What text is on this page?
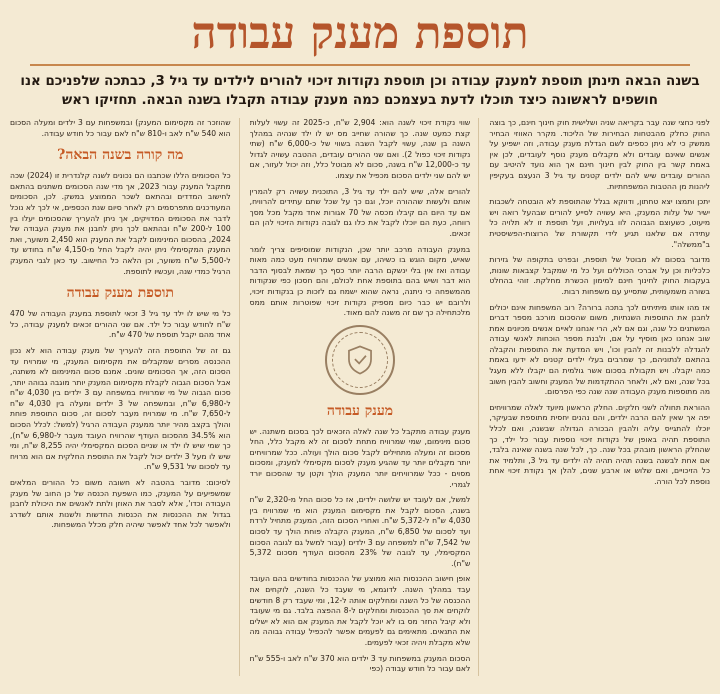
תוספת מענק עבודה

בשנה הבאה תינתן תוספת למענק עבודה וכן תוספת נקודות זיכוי להורים לילדים עד גיל 3, כבתכה שלפניכם אנו חושפים לראשונה כיצד תוכלו לדעת בעצמכם כמה מענק עבודה תקבלו בשנה הבאה. תחזיקו ראש

לפני כחצי שנה עבר בקריאה שניה ושלישית חוק חינוך חינם, כך בוצה החוק כחלק מהבטחות הבחירות של הליכוד. מקרר האווזי הבחיר ממשק כי לא ניתן כספים לשם הגדלת מענק עבודה, וזה ישפיע על אנשים שאינם עובדים ולא מקבלים מענק נוסף לעובדים, לכן אין באמת קשר בין החוק לבין חינוך חינם אך הוא נועד להיטיב עם ההורים עובדים שיש להם ילדים קטנים עד גיל 3 הנעצם בעקיפין ליהנות מן ההטבות המשפחתיות.

יתכן ותמצו יצא טחתון, ודווקא בגלל שהתוספת לא הובטחה לשכבות ישיר של עלות המענק, היא עשויה לסייע להורים שבהעל רואה ויש מיעוט, כשעוצם הגבוהה לוו בעלויות, ועל תוספת זו לא תלויה כל עתידה אם שלאנו תגיע לידי תקשורת של הרוצות-הפשיסטית ב"ממשלה".

מדובר בסכום לא מבוטל של תוספת, ובפרט בתקופה של גזירות כלכליות וכן על אברכי הכוללים ועל כל מי שמקבל קצבאות שונות, בעקבות החוק לחינוך חינם למימון הכשרת מחלקת. זוהי בהחלט בשורה משמעותית, שתסייע עם משפחות רבות.

אז מהו אותו מיתיתים לכך בתכה ברורה? רוב המשפחות אינם יכולים לחבנן את התוספות השנתיות, משום שהסכום מורכב מספר דברים המשתנים כל שנה, וגם אם לא, הרי אנחנו לאיים אנשים מכיונים אמת שוב אנחנו כאן מוסיף על אם, ולבנת מספר הוכחות לאנשי עבודה להגדלה ללבנות זה להבין וכו', ויש המדעת את התוספות והקבלה בהתאם לנתוניהם, כך שמרבים בעלי ילדים קטנים לא ידעו באמת כמה יקבלו. ויש תקבולת בסכום אשר גולמית הם יקבלו ללא מעגל בכל שנה, ואם לא, ולאחר ההתקדמות של המענק וחשוב להבין חשוב מה מתוספות מענק העבודה שנה שנה כפי הפרסום.

ההוראת תחולה לשני חלקים. החלק הראשון מיועד לאלה שמרוויחים יפה אך שאין להם הרבה ילדים, והם נהנים יחסית מתוספת שבעיקר, יוכלו להתגייס עליה ולהבין הבכורה הגדולה שבשנה, ואם לכלל התוספת תהיה באופן של נקודות זיכוי נוספות עבור כל ילד, כך שהחלק הראשון מובהק בכל שנה. כך, לכל שנה בשנה שאינה בלבד, אם אחת לבשנה בשנה תהיה תהיה לה ילדים עד גיל 3, ותלמיד את כל הזיכויים, ואם שלוש או ארבע שנים, להלן אך נקודת זיכוי אחת נוספת לכל הורה.

שווי נקודת זיכוי לשנה הוא: 2,904 ש"ח, כ-2025 זה עשוי לעלות קצת כמעט שנה. כך שהורה שחייב מס יש לו ילד שנהיה במהלך השנה בן שנה, עשוי לקבל השבה בשווי של כ-6,000 ש"ח (שתי נקודות זיכוי כפול 2). ואם שני ההורים עובדים, ההטבה עשויה לגדול עד כ-12,000 ש"ח בשנה, סכום לא מבוטל כלל, וזה יכול לעזור, אם יש להם שני ילדים הסכום מכפיל את עצמו.

להורים אלה, שיש להם ילד עד גיל 3, התוכנית עשויה רק להמרין אותם ולעשות שההורה יוכל, וגם כך על שכל שתם עתידים להרוויח, אם עד היום הם קיבלו מכסה של 70 אגורות אחד מקבל מכל מסך רווחה, כעת הם יוכלו לקבל את כלו גם לגובה נקודות הזיכוי להן הם זכאים.

במענק העבודה מרכב יותר שכן, הנקודות שמוסיפים צריך לומר שאיש, מקום הוגש בו כשיהו, עם אנשים שמרוויח מעט כמה מאות עבודה ואז אין בלי ינשקם הרבה יותר כסף כך שמאת לבסוף הדבר הוא דבר ושיש בהם בתוספת אחת לכולם, והם חסכון כפי שנקודות מהמשפחה כי ניתנה, נראה שהוא ישמח גם לזכות כן בנקודות זיכוי, ולרובם יש כבר כיום מספיק נקודות זיכוי שפוטרות אותם ממס מלכתחילה כך שם זה משנה להם מאוד.

מענק עבודה

מענק עבודה מתקבל כל שנה לאלה הזכאים לכך בסכום משתנה. יש סכום מינימום, שמי שמרוויח מתחת לסכום זה לא מקבל כלל, החל מסכום זה ומעלה מתחילים לקבל סכום הולך ועולה. ככל שמרוויחים יותר מקבלים יותר עד שהגיע מענק לסכום מקסימלי למענק, ומסכום מסוים - ככל שמרוויחים יותר המענק הולך וקטן עד שהסכום יורד לגמרי.

למשל, אם לעובד יש שלושה ילדים, אז כל סכום החל מ-2,320 ש"ח בשנה, הסכום לקבל את מקסימום המענק הוא מי שמרוויח בין 4,030 ש"ח ל-5,372 ש"ח. ואחרי הסכום הזה, המענק מתחיל לרדת ועד לסכום של 6,850 ש"ח, המענק הקבלה פוחת הולך עד לסכום של 7,542 ש"ח למשפחה עם 3 ילדים (עבור למשל גם לגובה הסכום המקסימלי, עד לגובה של 23% מהסכום העודף מסכום 5,372 ש"ח).

אופן חישוב ההכנסות הוא ממוצע של ההכנסות בחודשים בהם העובד עבד במהלך השנה. לדוגמא, מי שעבד כל השנה, לוקחים את ההכנסה של כל השנה ומחלקים אותה ל-12, ומי שעבד רק 8 חודשים לוקחים את סך ההכנסות ומחלקים ל-8 ההפצה בלבד. גם מי שעובד ולא קיבל החזר מס בו לא יוכל לקבל את המענק אם הוא לא ישלים את התנאים. מתאימים גם לפעמים אפשר להכפיל עבודה גבוהה מה שלא מקבלת ויהיה זכאי לפעמים.

הסכום המענק במשפחות עד 3 ילדים הוא 370 ש"ח לאב ו-555 ש"ח לאם עבור כל חודש עבודה (כפי

שהוזכר זה מקסימום המענק) ובמשפחות עם 3 ילדים ומעלה הסכום הוא 540 ש"ח לאב ו-810 ש"ח לאם עבור כל חודש עבודה.

מה קורה בשנה הבאה?

כל הסכומים הללו שכתבנו הם נכונים לשנה קלנדרית זו (2024) שכה מתקבל המענק עבור 2023, אך מדי שנה הסכומים משתנים בהתאם לחישוב המדדים ובהתאם לשכר הממוצע במשק. לכן, הסכומים המעודכנים מתפרסמים רק לאחר סיום שנת הכספים, אי לכך לא נוכל לדבר את הסכומים המדויקים, אך ניתן להעריך שהסכומים יעלו בין 100 ל-200 ש"ח ובהתאם לכך ניתן לחבנן את מענק העבודה של 2024, בהסכום המינימום לקבל את המענק הוא 2,450 משוער, ואת המענק המקסימלי ניתן יהיה לקבל החל מ-4,150 ש"ח בחודש עד ל-5,500 ש"ח משוער, וכן הלאה כל החישוב. עד כאן לגבי המענק הרגיל כמדי שנה, ועכשיו לתוספת.

תוספת מענק עבודה

כל מי שיש לו ילד עד גיל 3 זכאי לתוספת במענק העבודה של 470 ש"ח לחודש עבור כל ילד. אם שני ההורים זכאים למענק עבודה, כל אחד מהם יקבל תוספת של 470 ש"ח.

גם זה של התוספת הזה להעריך של מענק עבודה הוא לא נכון ההכנסה מסרים שמקבלים את מקסימום המענק, מי שמרויח עד הסכום הזה, אך הסכומים שונים. אמנם סכום המינימום לא משתנה, אבל הסכום הגבוה לקבלת מקסימום המענק יותר מוגבה גבוהה יותר, סכום הגבוה של מי שמרוויח במשפחה עם 3 ילדים בין 4,030 ש"ח ל-6,980 ש"ח, ובמשפחה של 3 ילדים ומעלה בין 4,030 ש"ח ל-7,650 ש"ח. מי שמרויח מעבר לסכום זה, סכום התוספת פוחת והולך בקצב מהיר יותר ממענק העבודה הרגיל (למשל: לכלל הסכום הוא 34.5% מהסכום העודף שהרוויח העובד מעבר ל-6,980 ש"ח), כך שמי שיש לו ילד או שניים הסכום המקסימלי יהיה 8,255 ש"ח, ומי שיש לו מעל 3 ילדים יכול לקבל את התוספת החלקית אם הוא מרויח עד לסכום של 9,531 ש"ח.

לסיכום: מדובר בהטבה לא חשובה משום כל ההורים המלאים שמשפיעים על המענק, כמו השפעת הכנסה של כן החוב של מענק העבודה וכדו', אלא לסבר את האוזן ולתת לאנשים את היכולת לחבנן בגדול את ההכנסות את הכנסות החדשות ולשנות אותם לשדרג ולאפשר לכל אחד לאפשר שיהיה חלק מכלל המשפחות.
